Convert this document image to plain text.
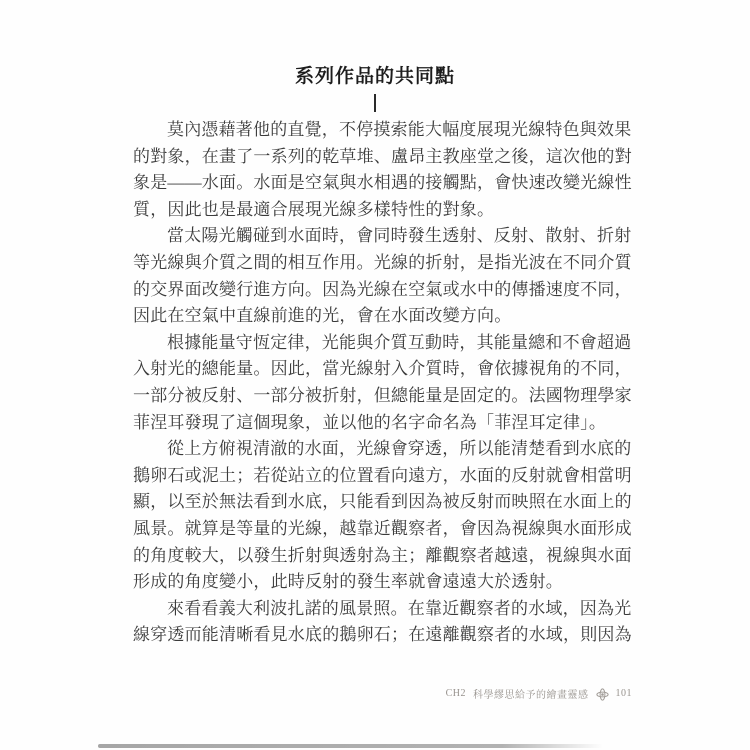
系列作品的共同點
莫內憑藉著他的直覺，不停摸索能大幅度展現光線特色與效果
的對象，在畫了一系列的乾草堆、盧昂主教座堂之後，這次他的對
象是——水面。水面是空氣與水相遇的接觸點，會快速改變光線性
質，因此也是最適合展現光線多樣特性的對象。
當太陽光觸碰到水面時，會同時發生透射、反射、散射、折射
等光線與介質之間的相互作用。光線的折射，是指光波在不同介質
的交界面改變行進方向。因為光線在空氣或水中的傳播速度不同，
因此在空氣中直線前進的光，會在水面改變方向。
根據能量守恆定律，光能與介質互動時，其能量總和不會超過
入射光的總能量。因此，當光線射入介質時，會依據視角的不同，
一部分被反射、一部分被折射，但總能量是固定的。法國物理學家
菲涅耳發現了這個現象，並以他的名字命名為「菲涅耳定律」。
從上方俯視清澈的水面，光線會穿透，所以能清楚看到水底的
鵝卵石或泥土；若從站立的位置看向遠方，水面的反射就會相當明
顯，以至於無法看到水底，只能看到因為被反射而映照在水面上的
風景。就算是等量的光線，越靠近觀察者，會因為視線與水面形成
的角度較大，以發生折射與透射為主；離觀察者越遠，視線與水面
形成的角度變小，此時反射的發生率就會遠遠大於透射。
來看看義大利波扎諾的風景照。在靠近觀察者的水域，因為光
線穿透而能清晰看見水底的鵝卵石；在遠離觀察者的水域，則因為
CH2 科學繆思給予的繪畫靈感	101
